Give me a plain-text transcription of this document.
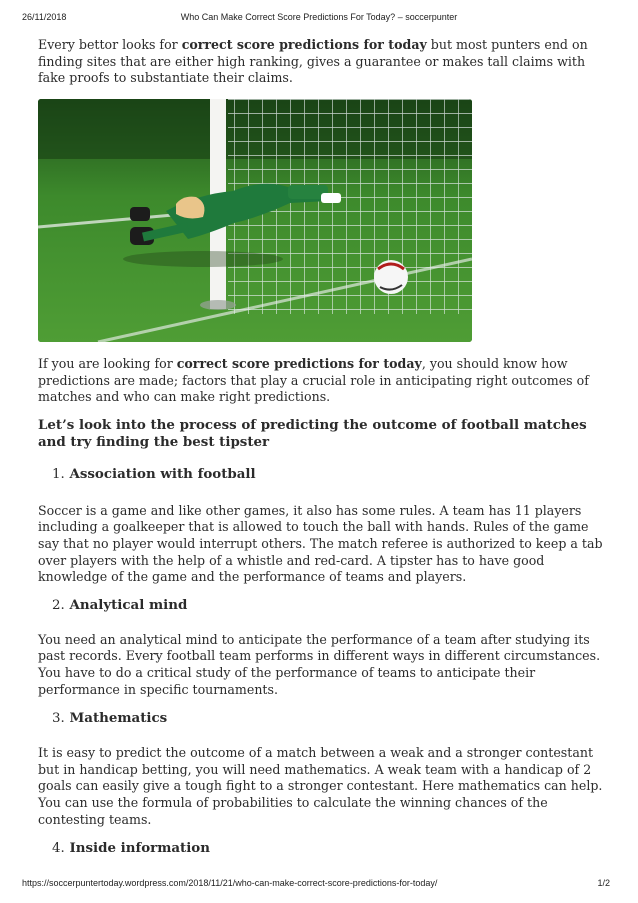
26/11/2018	Who Can Make Correct Score Predictions For Today? – soccerpunter

Every bettor looks for correct score predictions for today but most punters end on finding sites that are either high ranking, gives a guarantee or makes tall claims with fake proofs to substantiate their claims.

If you are looking for correct score predictions for today, you should know how predictions are made; factors that play a crucial role in anticipating right outcomes of matches and who can make right predictions.

Let’s look into the process of predicting the outcome of football matches and try finding the best tipster

1. Association with football

Soccer is a game and like other games, it also has some rules. A team has 11 players including a goalkeeper that is allowed to touch the ball with hands. Rules of the game say that no player would interrupt others. The match referee is authorized to keep a tab over players with the help of a whistle and red-card. A tipster has to have good knowledge of the game and the performance of teams and players.

2. Analytical mind

You need an analytical mind to anticipate the performance of a team after studying its past records. Every football team performs in different ways in different circumstances. You have to do a critical study of the performance of teams to anticipate their performance in specific tournaments.

3. Mathematics

It is easy to predict the outcome of a match between a weak and a stronger contestant but in handicap betting, you will need mathematics. A weak team with a handicap of 2 goals can easily give a tough fight to a stronger contestant. Here mathematics can help. You can use the formula of probabilities to calculate the winning chances of the contesting teams.

4. Inside information
https://soccerpuntertoday.wordpress.com/2018/11/21/who-can-make-correct-score-predictions-for-today/	1/2
